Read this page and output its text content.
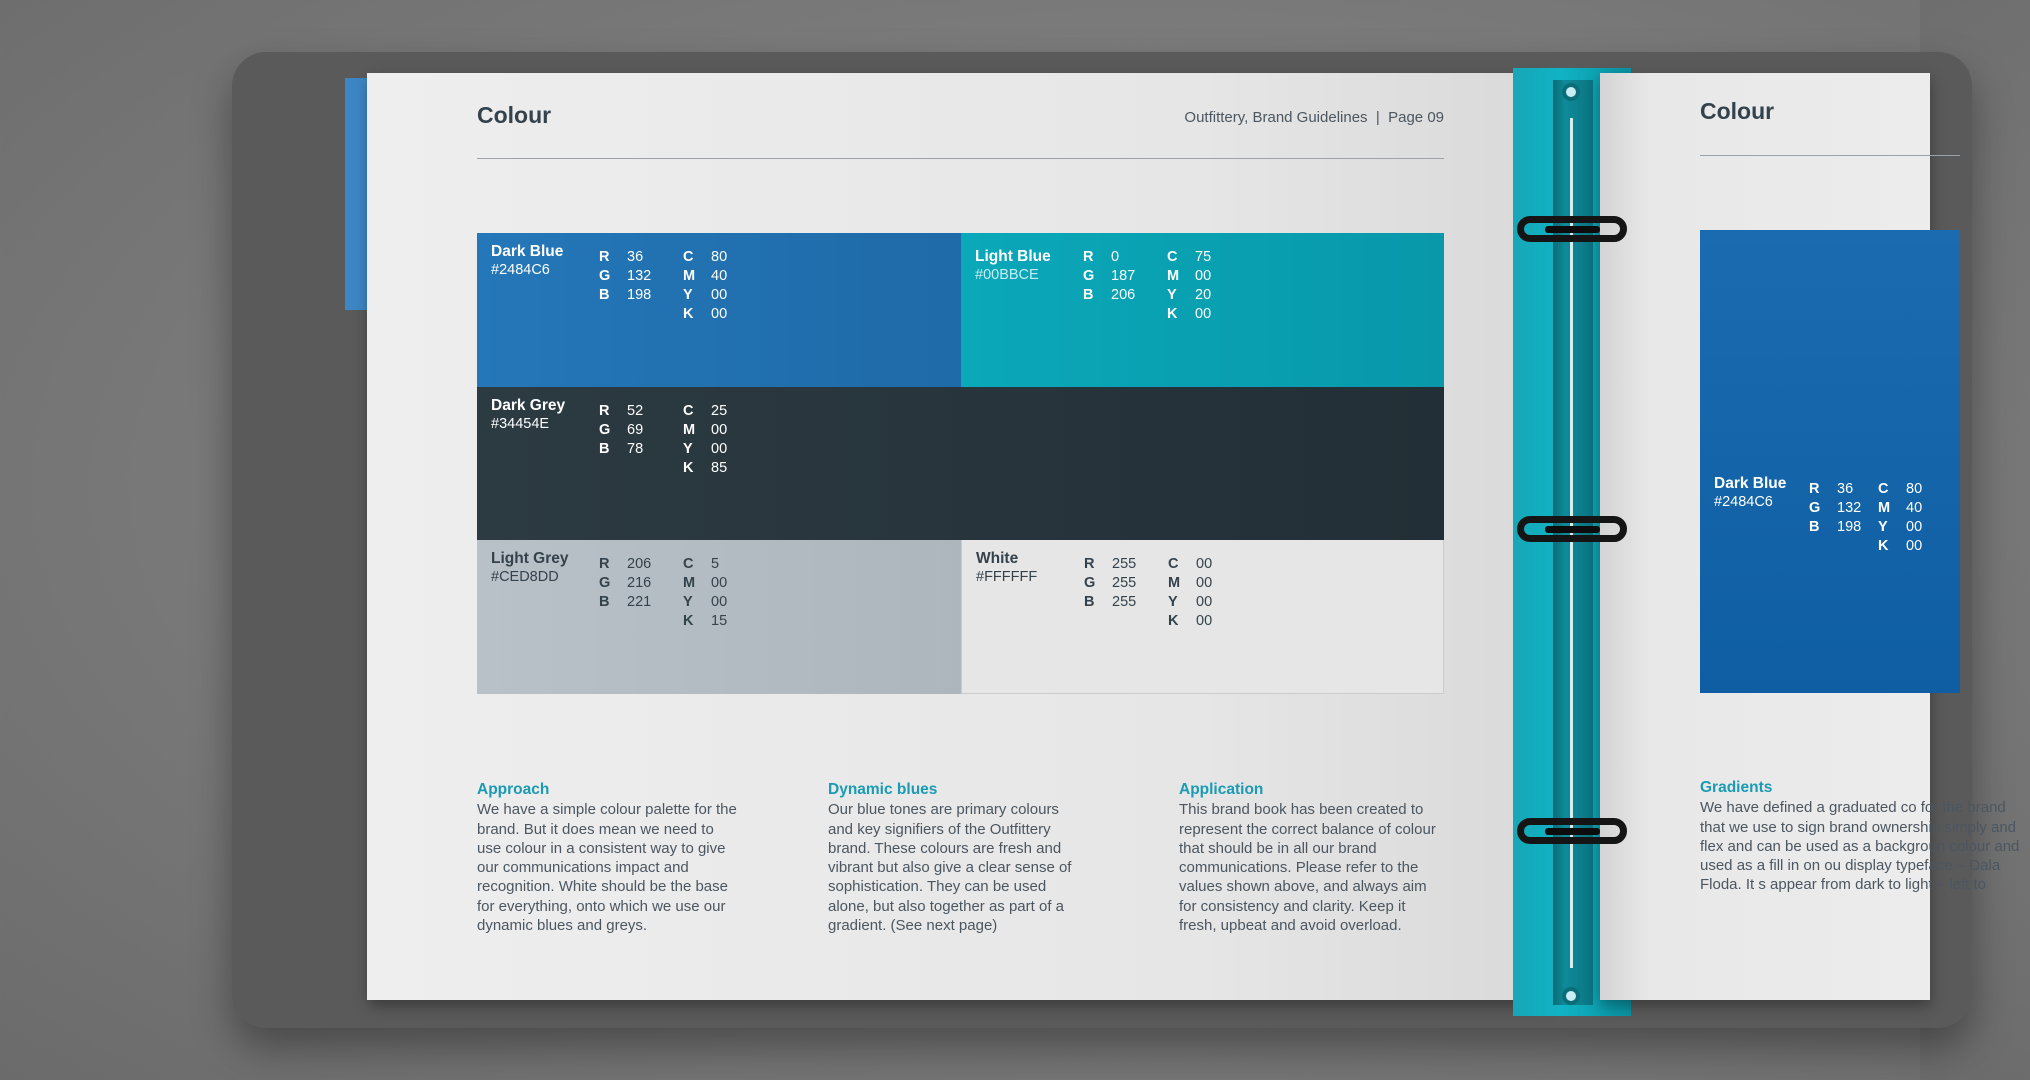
Colour	Outfittery, Brand Guidelines  |  Page 09
Dark Blue
#2484C6
R 36
G 132
B 198
C 80
M 40
Y 00
K 00
Light Blue
#00BBCE
R 0
G 187
B 206
C 75
M 00
Y 20
K 00
Dark Grey
#34454E
R 52
G 69
B 78
C 25
M 00
Y 00
K 85
Light Grey
#CED8DD
R 206
G 216
B 221
C 5
M 00
Y 00
K 15
White
#FFFFFF
R 255
G 255
B 255
C 00
M 00
Y 00
K 00
Approach

We have a simple colour palette for the brand. But it does mean we need to use colour in a consistent way to give our communications impact and recognition. White should be the base for everything, onto which we use our dynamic blues and greys.

Dynamic blues

Our blue tones are primary colours and key signifiers of the Outfittery brand. These colours are fresh and vibrant but also give a clear sense of sophistication. They can be used alone, but also together as part of a gradient. (See next page)

Application

This brand book has been created to represent the correct balance of colour that should be in all our brand communications. Please refer to the values shown above, and always aim for consistency and clarity. Keep it fresh, upbeat and avoid overload.

Colour
Dark Blue
#2484C6
R 36
G 132
B 198
C 80
M 40
Y 00
K 00
Gradients

We have defined a graduated co for the brand that we use to sign brand ownership simply and flex and can be used as a backgroun colour and used as a fill in on ou display typeface – Dala Floda. It s appear from dark to light – left to
